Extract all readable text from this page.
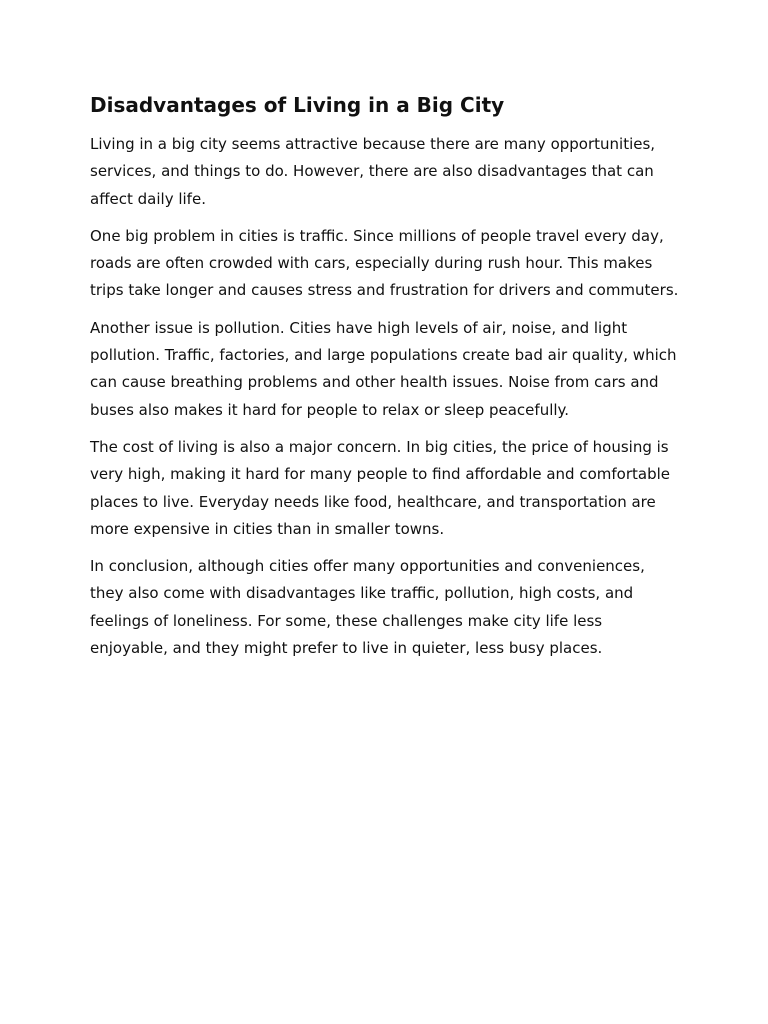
Disadvantages of Living in a Big City

Living in a big city seems attractive because there are many opportunities, services, and things to do. However, there are also disadvantages that can affect daily life.

One big problem in cities is traffic. Since millions of people travel every day, roads are often crowded with cars, especially during rush hour. This makes trips take longer and causes stress and frustration for drivers and commuters.

Another issue is pollution. Cities have high levels of air, noise, and light pollution. Traffic, factories, and large populations create bad air quality, which can cause breathing problems and other health issues. Noise from cars and buses also makes it hard for people to relax or sleep peacefully.

The cost of living is also a major concern. In big cities, the price of housing is very high, making it hard for many people to find affordable and comfortable places to live. Everyday needs like food, healthcare, and transportation are more expensive in cities than in smaller towns.

In conclusion, although cities offer many opportunities and conveniences, they also come with disadvantages like traffic, pollution, high costs, and feelings of loneliness. For some, these challenges make city life less enjoyable, and they might prefer to live in quieter, less busy places.
